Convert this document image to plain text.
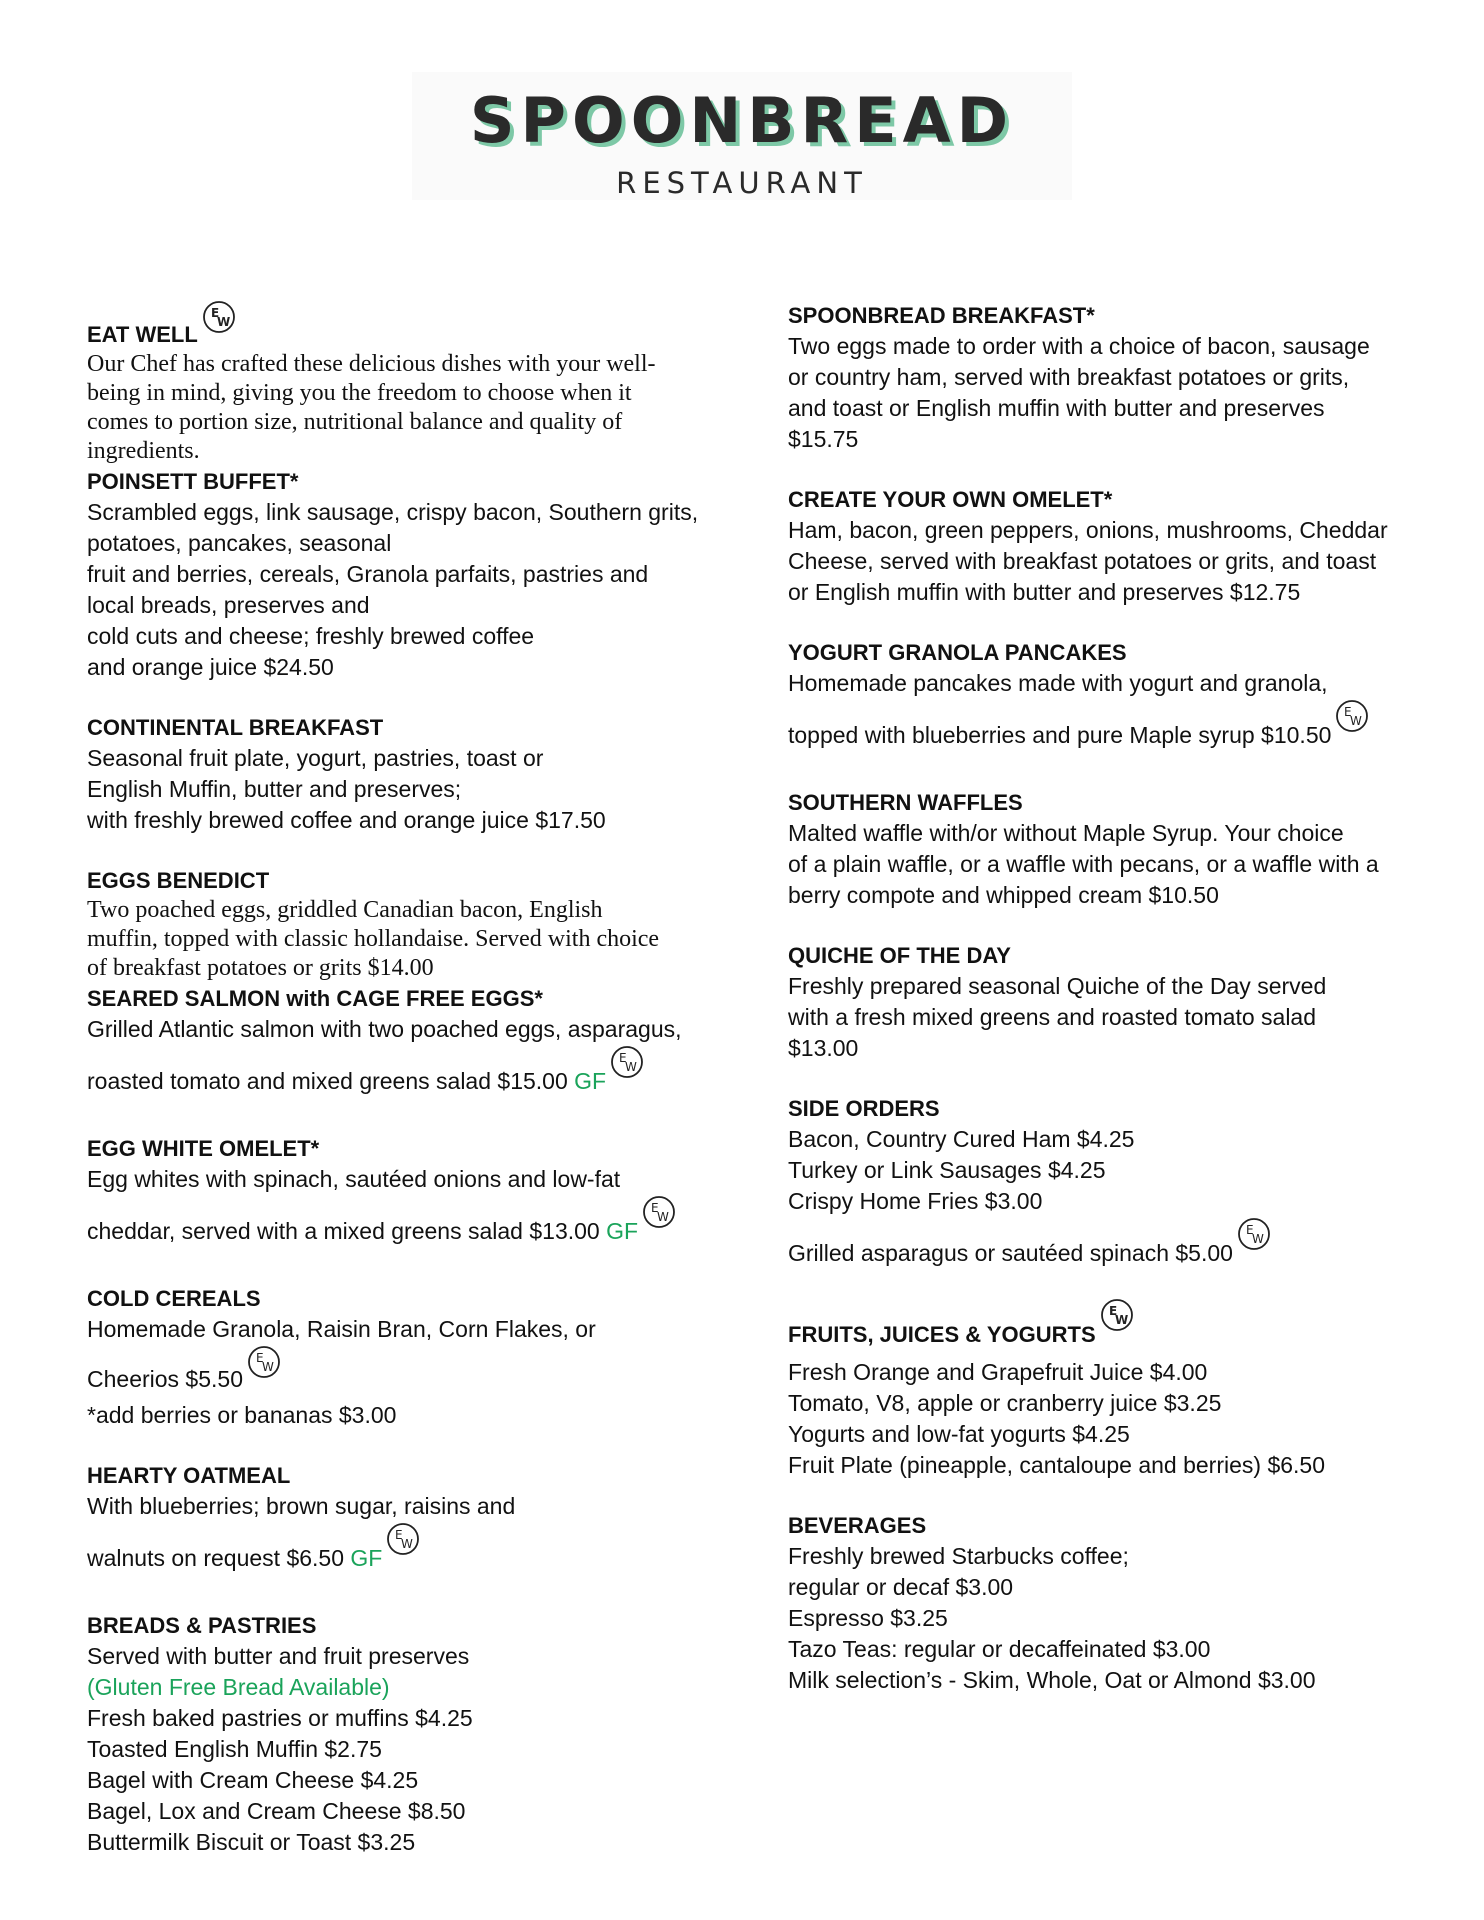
SPOONBREAD
RESTAURANT
EAT WELL
Our Chef has crafted these delicious dishes with your well-
being in mind, giving you the freedom to choose when it
comes to portion size, nutritional balance and quality of
ingredients.
POINSETT BUFFET*
Scrambled eggs, link sausage, crispy bacon, Southern grits,
potatoes, pancakes, seasonal
fruit and berries, cereals, Granola parfaits, pastries and
local breads, preserves and
cold cuts and cheese; freshly brewed coffee
and orange juice $24.50
CONTINENTAL BREAKFAST
Seasonal fruit plate, yogurt, pastries, toast or
English Muffin, butter and preserves;
with freshly brewed coffee and orange juice $17.50
EGGS BENEDICT
Two poached eggs, griddled Canadian bacon, English
muffin, topped with classic hollandaise. Served with choice
of breakfast potatoes or grits $14.00
SEARED SALMON with CAGE FREE EGGS*
Grilled Atlantic salmon with two poached eggs, asparagus,
roasted tomato and mixed greens salad $15.00 GF
EGG WHITE OMELET*
Egg whites with spinach, sautéed onions and low-fat
cheddar, served with a mixed greens salad $13.00 GF
COLD CEREALS
Homemade Granola, Raisin Bran, Corn Flakes, or
Cheerios $5.50
*add berries or bananas $3.00
HEARTY OATMEAL
With blueberries; brown sugar, raisins and
walnuts on request $6.50 GF
BREADS & PASTRIES
Served with butter and fruit preserves
(Gluten Free Bread Available)
Fresh baked pastries or muffins $4.25
Toasted English Muffin $2.75
Bagel with Cream Cheese $4.25
Bagel, Lox and Cream Cheese $8.50
Buttermilk Biscuit or Toast $3.25
SPOONBREAD BREAKFAST*
Two eggs made to order with a choice of bacon, sausage
or country ham, served with breakfast potatoes or grits,
and toast or English muffin with butter and preserves
$15.75
CREATE YOUR OWN OMELET*
Ham, bacon, green peppers, onions, mushrooms, Cheddar
Cheese, served with breakfast potatoes or grits, and toast
or English muffin with butter and preserves $12.75
YOGURT GRANOLA PANCAKES
Homemade pancakes made with yogurt and granola,
topped with blueberries and pure Maple syrup $10.50
SOUTHERN WAFFLES
Malted waffle with/or without Maple Syrup. Your choice
of a plain waffle, or a waffle with pecans, or a waffle with a
berry compote and whipped cream $10.50
QUICHE OF THE DAY
Freshly prepared seasonal Quiche of the Day served
with a fresh mixed greens and roasted tomato salad
$13.00
SIDE ORDERS
Bacon, Country Cured Ham $4.25
Turkey or Link Sausages $4.25
Crispy Home Fries $3.00
Grilled asparagus or sautéed spinach $5.00
FRUITS, JUICES & YOGURTS
Fresh Orange and Grapefruit Juice $4.00
Tomato, V8, apple or cranberry juice $3.25
Yogurts and low-fat yogurts $4.25
Fruit Plate (pineapple, cantaloupe and berries) $6.50
BEVERAGES
Freshly brewed Starbucks coffee;
regular or decaf $3.00
Espresso $3.25
Tazo Teas: regular or decaffeinated $3.00
Milk selection’s - Skim, Whole, Oat or Almond $3.00
